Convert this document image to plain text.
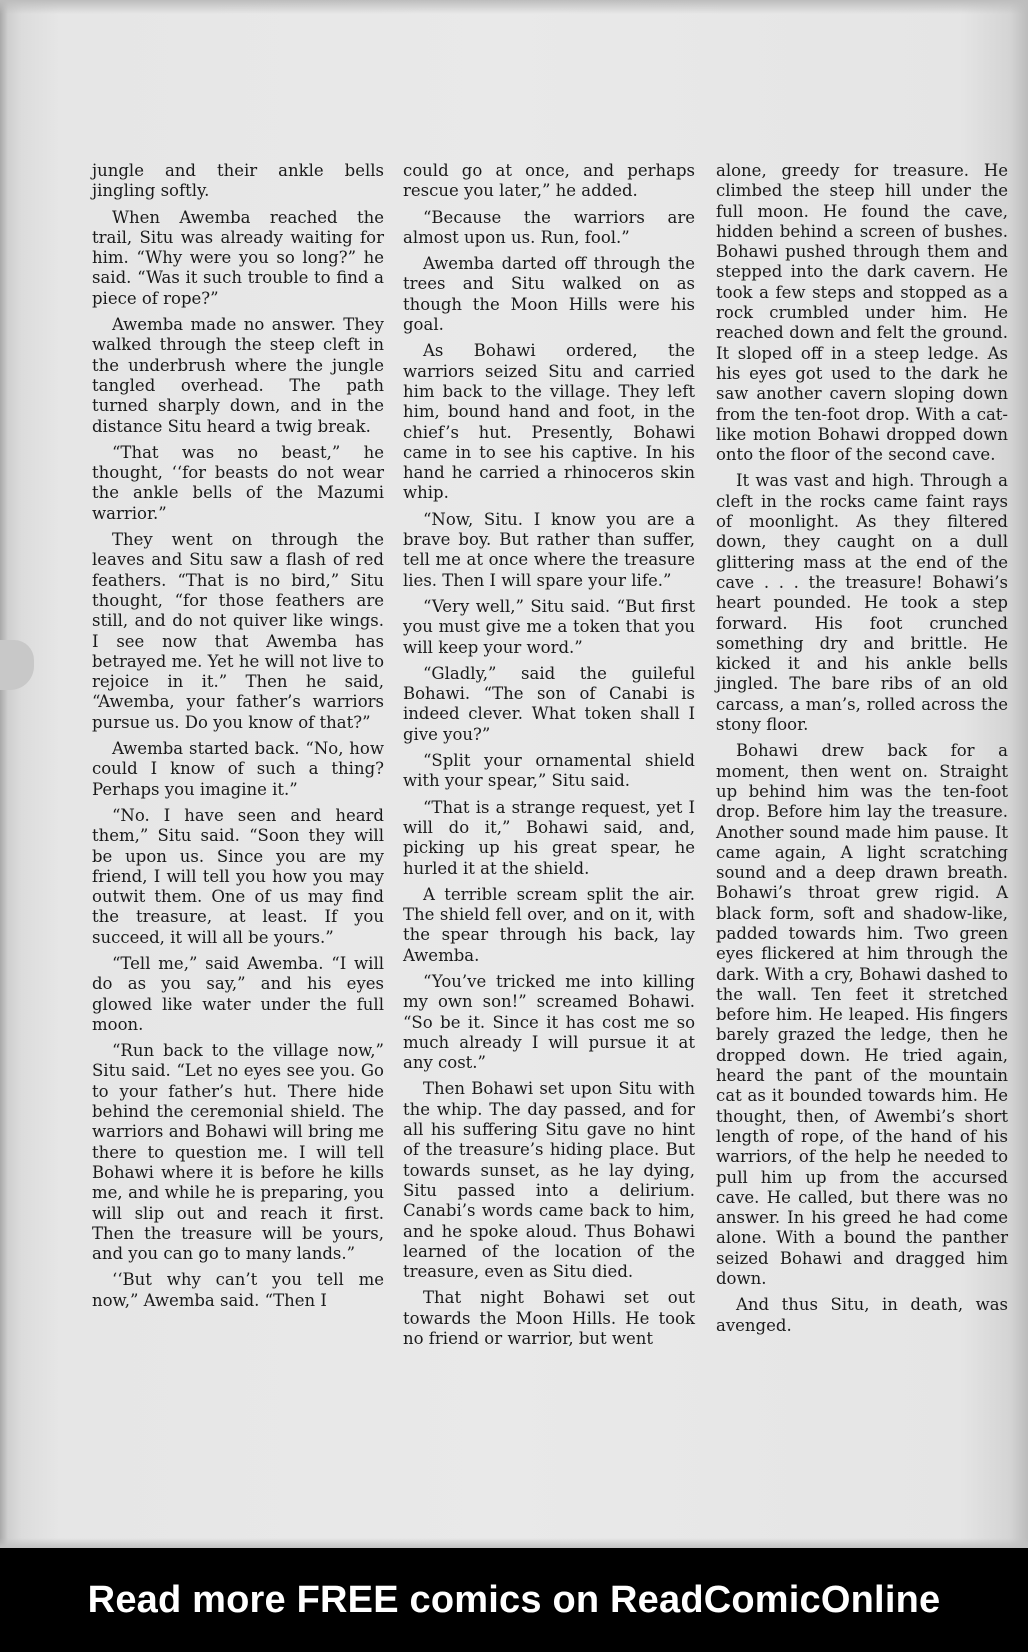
jungle and their ankle bells jingling softly.

When Awemba reached the trail, Situ was already waiting for him. “Why were you so long?” he said. “Was it such trouble to find a piece of rope?”

Awemba made no answer. They walked through the steep cleft in the underbrush where the jungle tangled overhead. The path turned sharply down, and in the distance Situ heard a twig break.

“That was no beast,” he thought, ‘‘for beasts do not wear the ankle bells of the Mazumi warrior.”

They went on through the leaves and Situ saw a flash of red feathers. “That is no bird,” Situ thought, “for those feathers are still, and do not quiver like wings. I see now that Awemba has betrayed me. Yet he will not live to rejoice in it.” Then he said, “Awemba, your father’s warriors pursue us. Do you know of that?”

Awemba started back. “No, how could I know of such a thing? Perhaps you imagine it.”

“No. I have seen and heard them,” Situ said. “Soon they will be upon us. Since you are my friend, I will tell you how you may outwit them. One of us may find the treasure, at least. If you succeed, it will all be yours.”

“Tell me,” said Awemba. “I will do as you say,” and his eyes glowed like water under the full moon.

“Run back to the village now,” Situ said. “Let no eyes see you. Go to your father’s hut. There hide behind the ceremonial shield. The warriors and Bohawi will bring me there to question me. I will tell Bohawi where it is before he kills me, and while he is preparing, you will slip out and reach it first. Then the treasure will be yours, and you can go to many lands.”

‘‘But why can’t you tell me now,” Awemba said. “Then I

could go at once, and perhaps rescue you later,” he added.

“Because the warriors are almost upon us. Run, fool.”

Awemba darted off through the trees and Situ walked on as though the Moon Hills were his goal.

As Bohawi ordered, the warriors seized Situ and carried him back to the village. They left him, bound hand and foot, in the chief’s hut. Presently, Bohawi came in to see his captive. In his hand he carried a rhinoceros skin whip.

“Now, Situ. I know you are a brave boy. But rather than suffer, tell me at once where the treasure lies. Then I will spare your life.”

“Very well,” Situ said. “But first you must give me a token that you will keep your word.”

“Gladly,” said the guileful Bohawi. “The son of Canabi is indeed clever. What token shall I give you?”

“Split your ornamental shield with your spear,” Situ said.

“That is a strange request, yet I will do it,” Bohawi said, and, picking up his great spear, he hurled it at the shield.

A terrible scream split the air. The shield fell over, and on it, with the spear through his back, lay Awemba.

“You’ve tricked me into killing my own son!” screamed Bohawi. “So be it. Since it has cost me so much already I will pursue it at any cost.”

Then Bohawi set upon Situ with the whip. The day passed, and for all his suffering Situ gave no hint of the treasure’s hiding place. But towards sunset, as he lay dying, Situ passed into a delirium. Canabi’s words came back to him, and he spoke aloud. Thus Bohawi learned of the location of the treasure, even as Situ died.

That night Bohawi set out towards the Moon Hills. He took no friend or warrior, but went

alone, greedy for treasure. He climbed the steep hill under the full moon. He found the cave, hidden behind a screen of bushes. Bohawi pushed through them and stepped into the dark cavern. He took a few steps and stopped as a rock crumbled under him. He reached down and felt the ground. It sloped off in a steep ledge. As his eyes got used to the dark he saw another cavern sloping down from the ten-foot drop. With a cat-like motion Bohawi dropped down onto the floor of the second cave.

It was vast and high. Through a cleft in the rocks came faint rays of moonlight. As they filtered down, they caught on a dull glittering mass at the end of the cave . . . the treasure! Bohawi’s heart pounded. He took a step forward. His foot crunched something dry and brittle. He kicked it and his ankle bells jingled. The bare ribs of an old carcass, a man’s, rolled across the stony floor.

Bohawi drew back for a moment, then went on. Straight up behind him was the ten-foot drop. Before him lay the treasure. Another sound made him pause. It came again, A light scratching sound and a deep drawn breath. Bohawi’s throat grew rigid. A black form, soft and shadow-like, padded towards him. Two green eyes flickered at him through the dark. With a cry, Bohawi dashed to the wall. Ten feet it stretched before him. He leaped. His fingers barely grazed the ledge, then he dropped down. He tried again, heard the pant of the mountain cat as it bounded towards him. He thought, then, of Awembi’s short length of rope, of the hand of his warriors, of the help he needed to pull him up from the accursed cave. He called, but there was no answer. In his greed he had come alone. With a bound the panther seized Bohawi and dragged him down.

And thus Situ, in death, was avenged.

Read more FREE comics on ReadComicOnline
